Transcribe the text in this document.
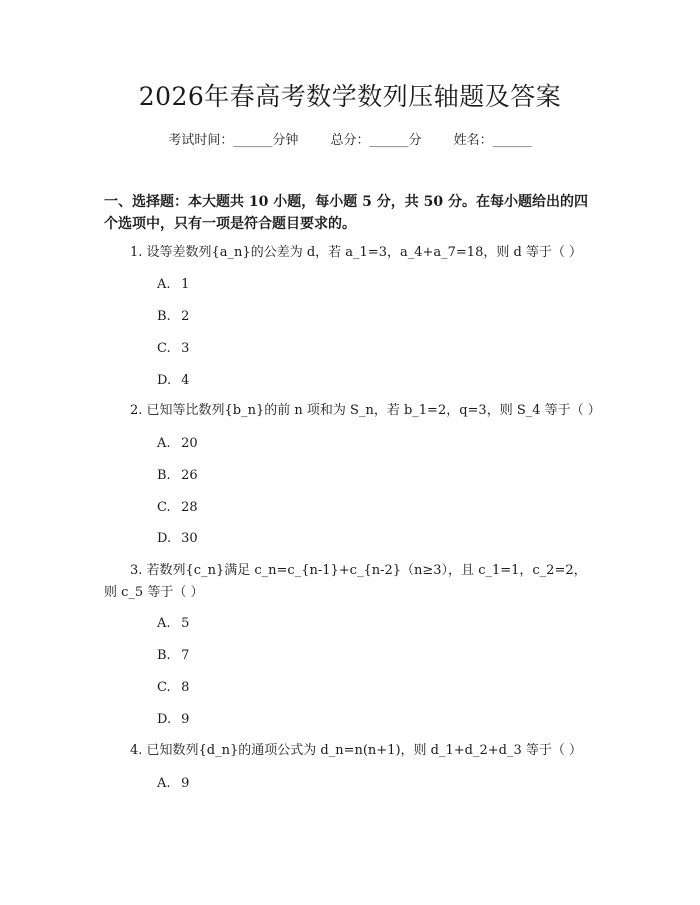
2026年春高考数学数列压轴题及答案
考试时间：______分钟 总分：______分 姓名：______
一、选择题：本大题共 10 小题，每小题 5 分，共 50 分。在每小题给出的四个选项中，只有一项是符合题目要求的。
1. 设等差数列{a_n}的公差为 d，若 a_1=3，a_4+a_7=18，则 d 等于（ ）
A. 1
B. 2
C. 3
D. 4
2. 已知等比数列{b_n}的前 n 项和为 S_n，若 b_1=2，q=3，则 S_4 等于（ ）
A. 20
B. 26
C. 28
D. 30
3. 若数列{c_n}满足 c_n=c_{n-1}+c_{n-2}（n≥3），且 c_1=1，c_2=2，则 c_5 等于（ ）
A. 5
B. 7
C. 8
D. 9
4. 已知数列{d_n}的通项公式为 d_n=n(n+1)，则 d_1+d_2+d_3 等于（ ）
A. 9
